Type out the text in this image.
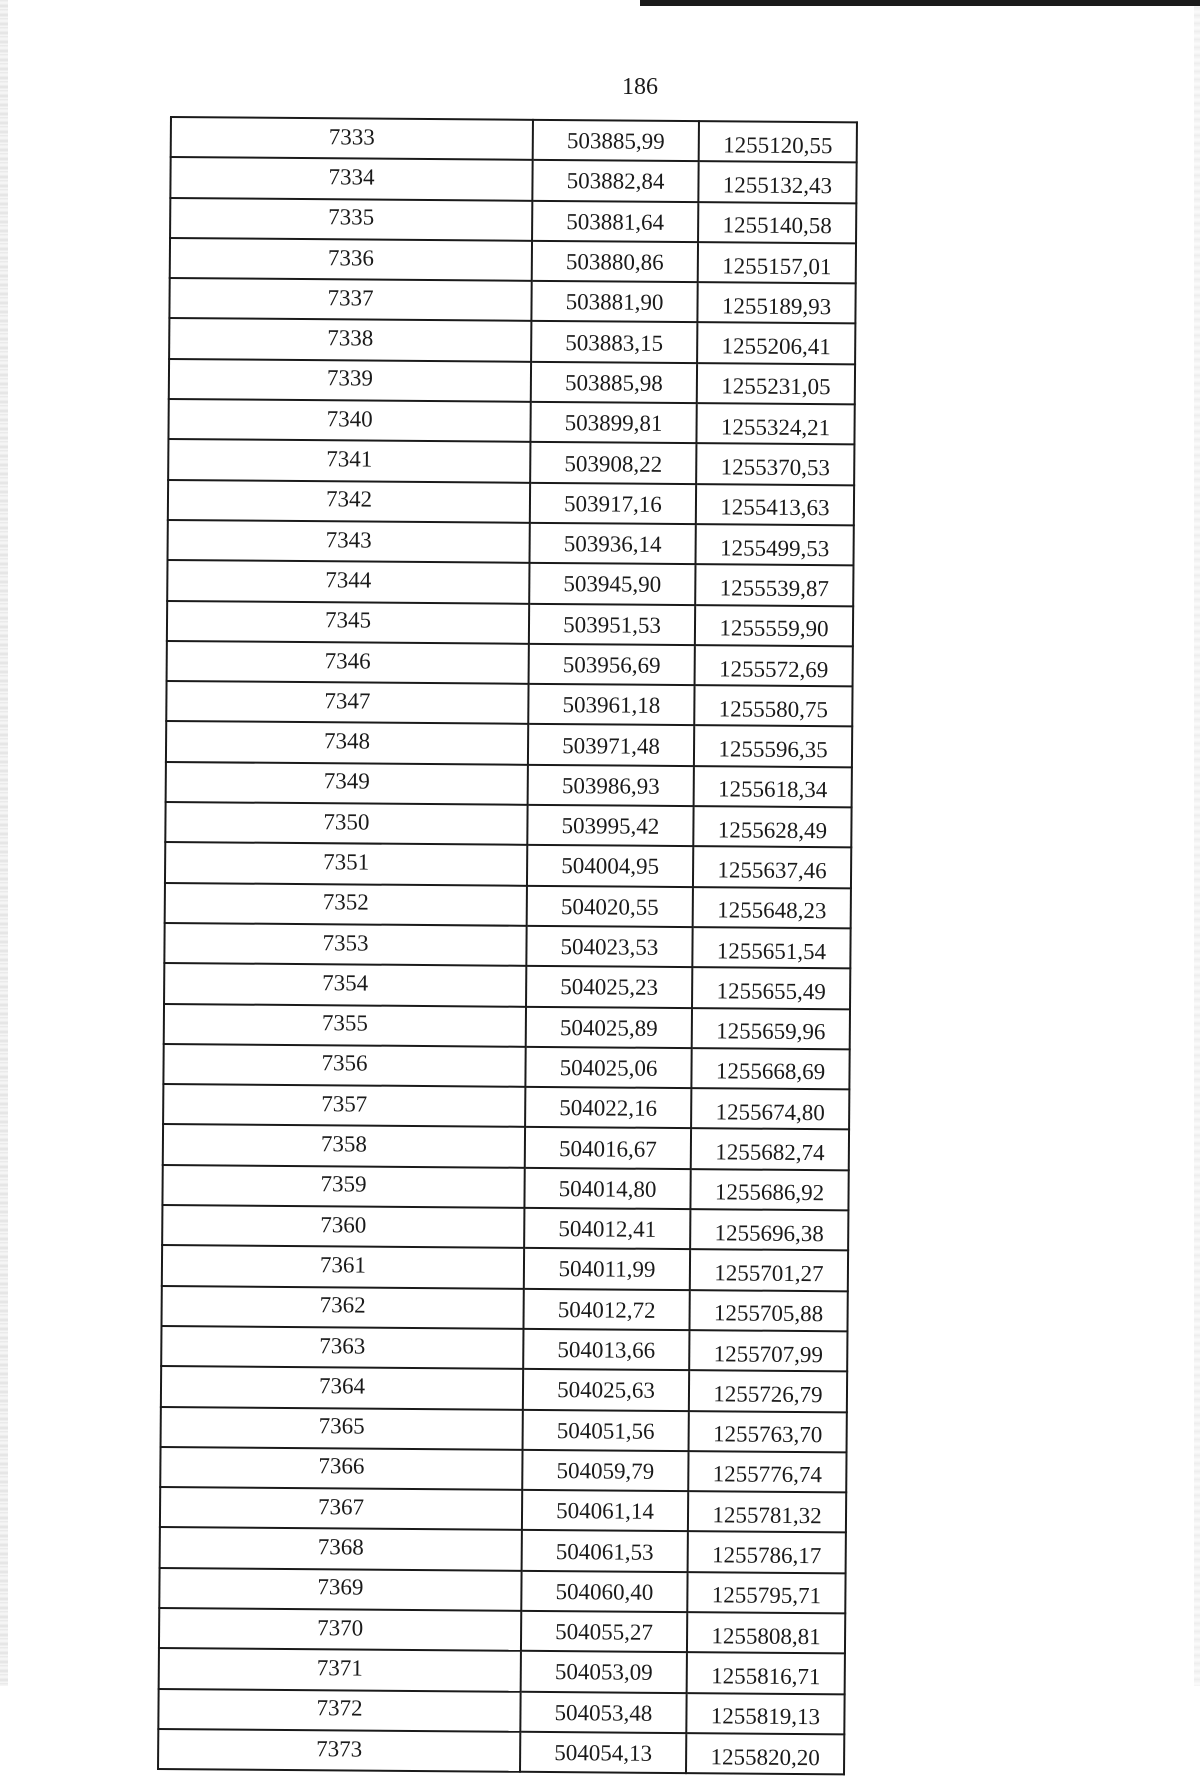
186
7333	503885,99	1255120,55
7334	503882,84	1255132,43
7335	503881,64	1255140,58
7336	503880,86	1255157,01
7337	503881,90	1255189,93
7338	503883,15	1255206,41
7339	503885,98	1255231,05
7340	503899,81	1255324,21
7341	503908,22	1255370,53
7342	503917,16	1255413,63
7343	503936,14	1255499,53
7344	503945,90	1255539,87
7345	503951,53	1255559,90
7346	503956,69	1255572,69
7347	503961,18	1255580,75
7348	503971,48	1255596,35
7349	503986,93	1255618,34
7350	503995,42	1255628,49
7351	504004,95	1255637,46
7352	504020,55	1255648,23
7353	504023,53	1255651,54
7354	504025,23	1255655,49
7355	504025,89	1255659,96
7356	504025,06	1255668,69
7357	504022,16	1255674,80
7358	504016,67	1255682,74
7359	504014,80	1255686,92
7360	504012,41	1255696,38
7361	504011,99	1255701,27
7362	504012,72	1255705,88
7363	504013,66	1255707,99
7364	504025,63	1255726,79
7365	504051,56	1255763,70
7366	504059,79	1255776,74
7367	504061,14	1255781,32
7368	504061,53	1255786,17
7369	504060,40	1255795,71
7370	504055,27	1255808,81
7371	504053,09	1255816,71
7372	504053,48	1255819,13
7373	504054,13	1255820,20
